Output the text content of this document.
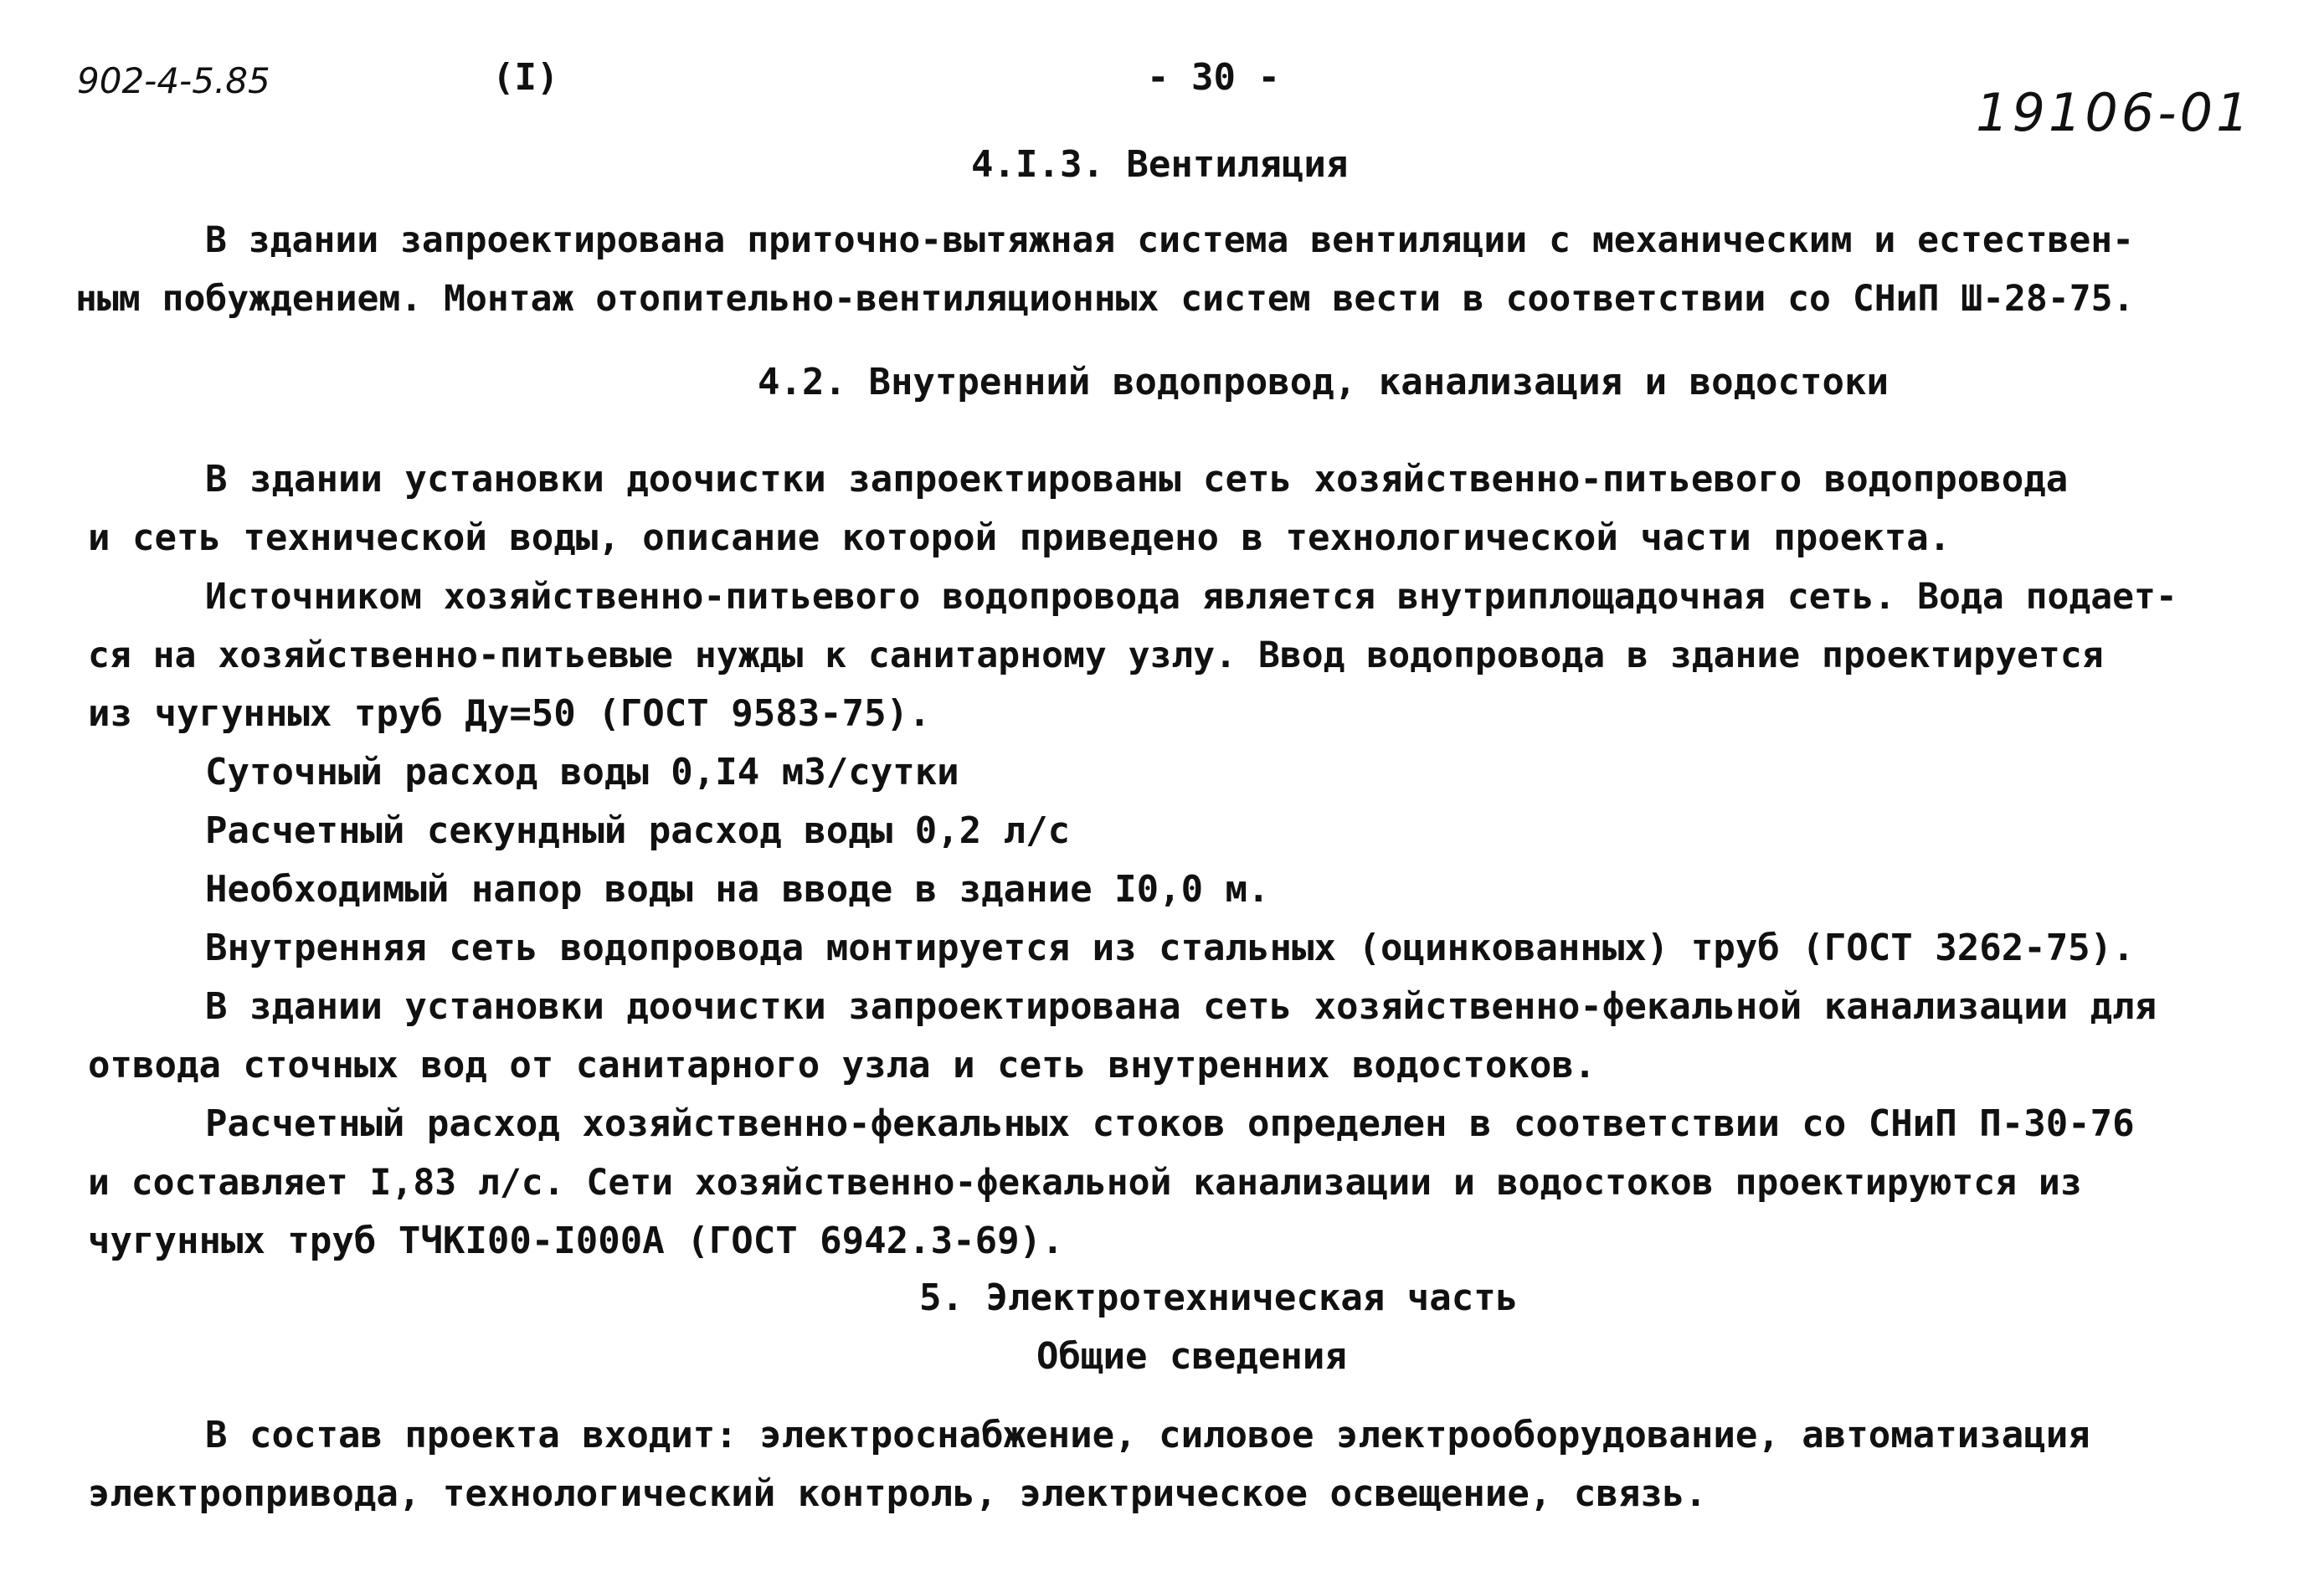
902-4-5.85	(I)	- 30 -
19106-01
4.I.3. Вентиляция
В здании запроектирована приточно-вытяжная система вентиляции с механическим и естествен-
ным побуждением. Монтаж отопительно-вентиляционных систем вести в соответствии со СНиП Ш-28-75.
4.2. Внутренний водопровод, канализация и водостоки
В здании установки доочистки запроектированы сеть хозяйственно-питьевого водопровода
и сеть технической воды, описание которой приведено в технологической части проекта.
Источником хозяйственно-питьевого водопровода является внутриплощадочная сеть. Вода подает-
ся на хозяйственно-питьевые нужды к санитарному узлу. Ввод водопровода в здание проектируется
из чугунных труб Ду=50 (ГОСТ 9583-75).
Суточный расход воды 0,I4 м3/сутки
Расчетный секундный расход воды 0,2 л/с
Необходимый напор воды на вводе в здание I0,0 м.
Внутренняя сеть водопровода монтируется из стальных (оцинкованных) труб (ГОСТ 3262-75).
В здании установки доочистки запроектирована сеть хозяйственно-фекальной канализации для
отвода сточных вод от санитарного узла и сеть внутренних водостоков.
Расчетный расход хозяйственно-фекальных стоков определен в соответствии со СНиП П-30-76
и составляет I,83 л/с. Сети хозяйственно-фекальной канализации и водостоков проектируются из
чугунных труб ТЧКI00-I000А (ГОСТ 6942.3-69).
5. Электротехническая часть
Общие сведения
В состав проекта входит: электроснабжение, силовое электрооборудование, автоматизация
электропривода, технологический контроль, электрическое освещение, связь.
